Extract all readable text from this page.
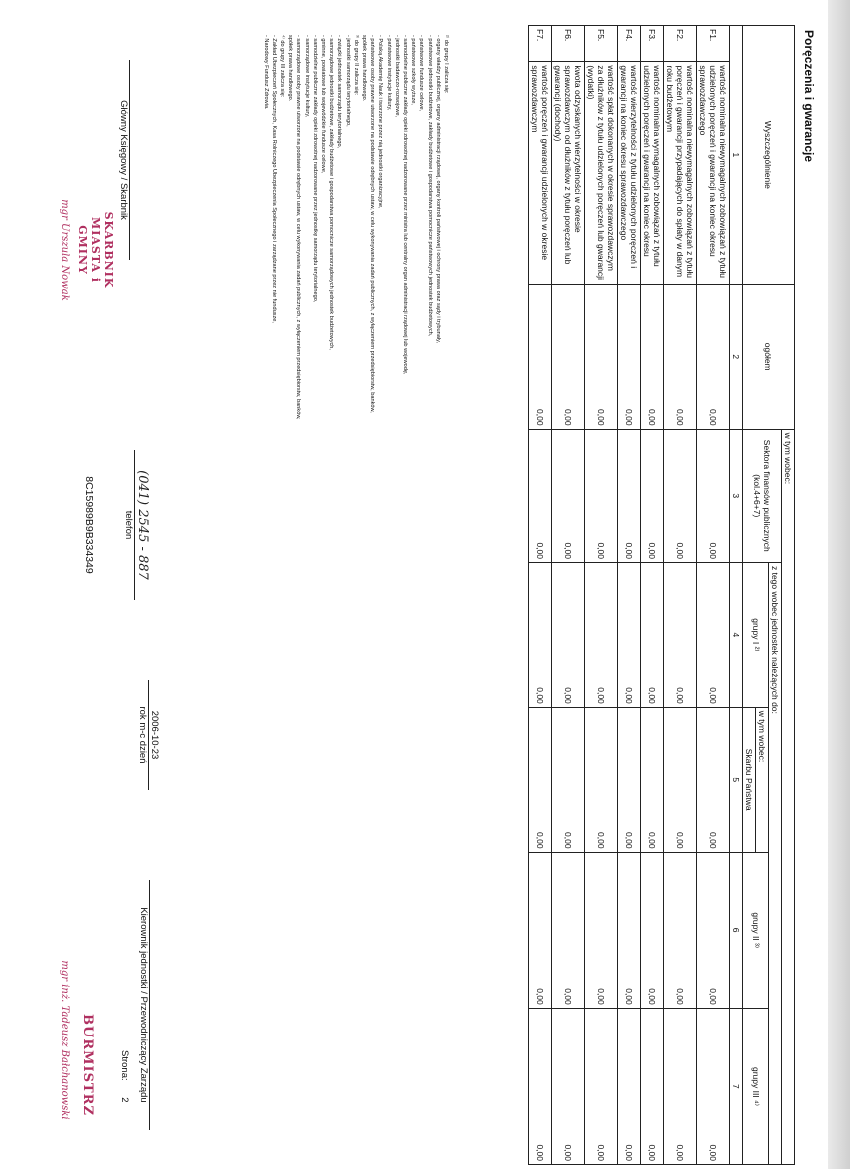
Poręczenia i gwarancje
Wyszczególnienie		ogółem	w tym wobec:				
			Sektora finansów publicznych (kol.4+6+7)	z tego wobec jednostek należących do:			
				grupy I ²⁾	w tym wobec:	grupy II ³⁾	grupy III ⁴⁾
					Skarbu Państwa		
1		2	3	4	5	6	7
F1.	wartość nominalna niewymagalnych zobowiązań z tytułu udzielonych poręczeń i gwarancji na koniec okresu sprawozdawczego	0,00	0,00	0,00	0,00	0,00	0,00
F2.	wartość nominalna niewymagalnych zobowiązań z tytułu poręczeń i gwarancji przypadających do spłaty w danym roku budżetowym	0,00	0,00	0,00	0,00	0,00	0,00
F3.	wartość nominalna wymagalnych zobowiązań z tytułu udzielonych poręczeń i gwarancji na koniec okresu	0,00	0,00	0,00	0,00	0,00	0,00
F4.	wartość wierzytelności z tytułu udzielonych poręczeń i gwarancji na koniec okresu sprawozdawczego	0,00	0,00	0,00	0,00	0,00	0,00
F5.	wartość spłat dokonanych w okresie sprawozdawczym za dłużników z tytułu udzielonych poręczeń lub gwarancji (wydatki)	0,00	0,00	0,00	0,00	0,00	0,00
F6.	kwota odzyskanych wierzytelności w okresie sprawozdawczym od dłużników z tytułu poręczeń lub gwarancji (dochody)	0,00	0,00	0,00	0,00	0,00	0,00
F7.	wartość poręczeń i gwarancji udzielonych w okresie sprawozdawczym	0,00	0,00	0,00	0,00	0,00	0,00
²⁾ do grupy I zalicza się:
- organy władzy publicznej, organy administracji rządowej, organy kontroli państwowej i ochrony prawa oraz sądy i trybunały,
- państwowe jednostki budżetowe, zakłady budżetowe i gospodarstwa pomocnicze państwowych jednostek budżetowych,
- państwowe fundusze celowe,
- państwowe szkoły wyższe,
- samodzielne publiczne zakłady opieki zdrowotnej nadzorowane przez ministra lub centralny organ administracji rządowej lub wojewodę,
- jednostki badawczo-rozwojowe,
- państwowe instytucje kultury,
- Polską Akademię Nauk i tworzone przez nią jednostki organizacyjne,
- państwowe osoby prawne utworzone na podstawie odrębnych ustaw, w celu wykonywania zadań publicznych, z wyłączeniem przedsiębiorstw, banków,
spółek prawa handlowego.
³⁾ do grupy II zalicza się:
- jednostki samorządu terytorialnego,
- związki jednostek samorządu terytorialnego,
- samorządowe jednostki budżetowe, zakłady budżetowe i gospodarstwa pomocnicze samorządowych jednostek budżetowych,
- gminne, powiatowe lub wojewódzkie fundusze celowe,
- samodzielne publiczne zakłady opieki zdrowotnej nadzorowane przez jednostkę samorządu terytorialnego,
- samorządowe instytucje kultury,
- samorządowe osoby prawne utworzone na podstawie odrębnych ustaw, w celu wykonywania zadań publicznych, z wyłączeniem przedsiębiorstw, banków,
spółek prawa handlowego.
⁴⁾ do grupy III zalicza się:
- Zakład Ubezpieczeń Społecznych, Kasa Rolniczego Ubezpieczenia Społecznego i zarządzane przez nie fundusze,
- Narodowy Fundusz Zdrowia.
Główny Księgowy / Skarbnik
SKARBNIK
MIASTA i GMINY
mgr Urszula Nowak
(041) 2545 - 887
telefon
8C15989B9B334349
2006-10-23
rok m-c dzień
Kierownik jednostki / Przewodniczący Zarządu
BURMISTRZ
mgr inż. Tadeusz Bałchanowski	Strona: 2
